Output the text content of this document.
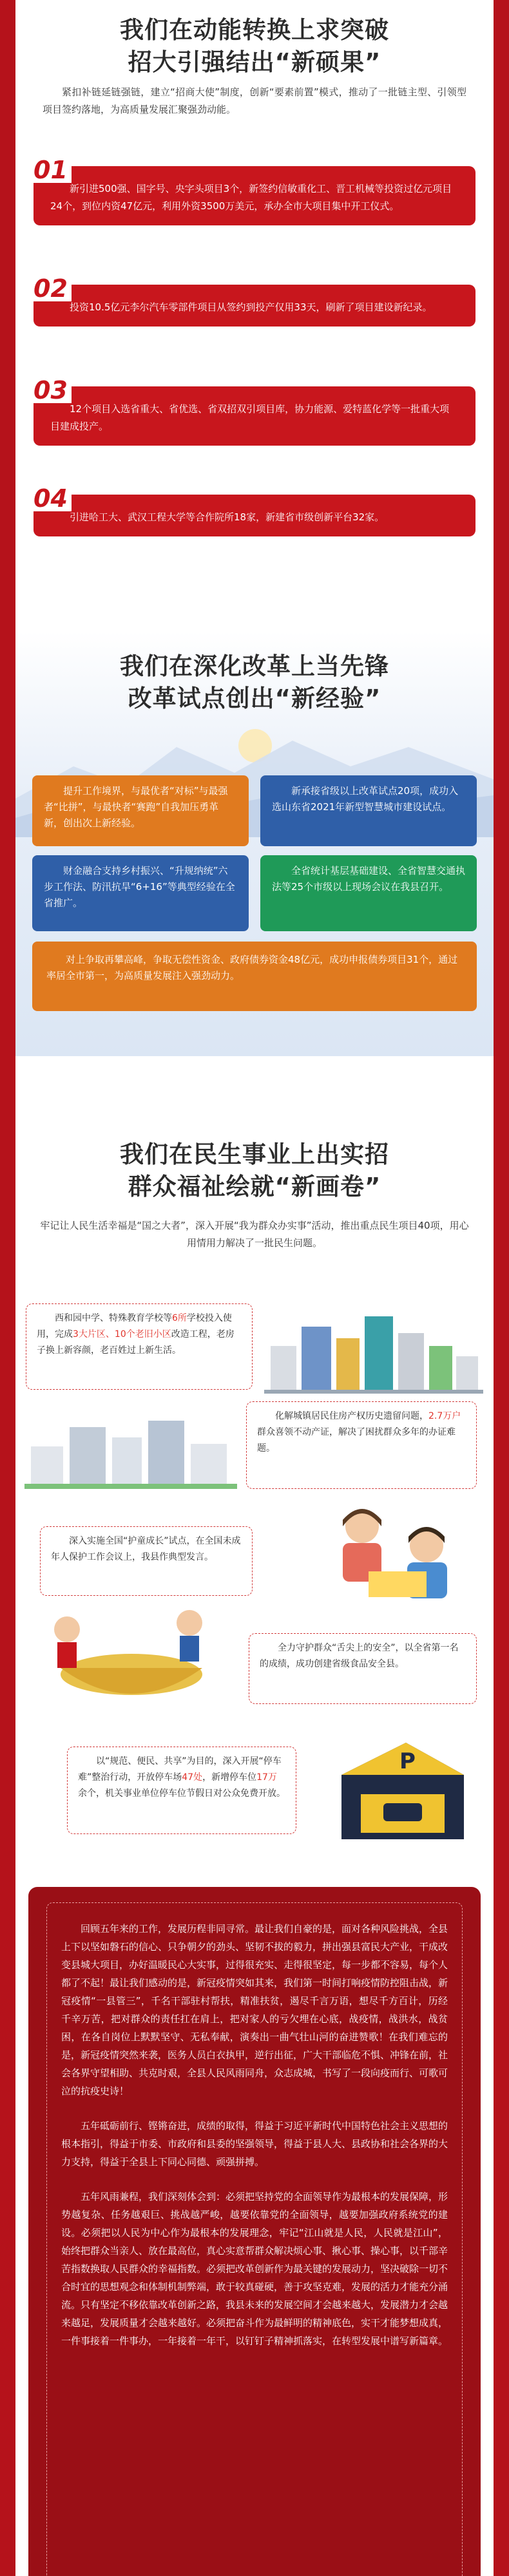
我们在动能转换上求突破
招大引强结出“新硕果”

紧扣补链延链强链，建立“招商大使”制度，创新“要素前置”模式，推动了一批链主型、引领型项目签约落地，为高质量发展汇聚强劲动能。

01
新引进500强、国字号、央字头项目3个，新签约信敏重化工、晋工机械等投资过亿元项目24个，到位内资47亿元，利用外资3500万美元，承办全市大项目集中开工仪式。
02
投资10.5亿元李尔汽车零部件项目从签约到投产仅用33天，刷新了项目建设新纪录。
03
12个项目入选省重大、省优选、省双招双引项目库，协力能源、爱特蓝化学等一批重大项目建成投产。
04
引进哈工大、武汉工程大学等合作院所18家，新建省市级创新平台32家。
我们在深化改革上当先锋
改革试点创出“新经验”
提升工作境界，与最优者“对标”与最强者“比拼”，与最快者“赛跑”自我加压勇革新，创出次上新经验。
新承接省级以上改革试点20项，成功入选山东省2021年新型智慧城市建设试点。
财金融合支持乡村振兴、“升规纳统”六步工作法、防汛抗旱“6+16”等典型经验在全省推广。
全省统计基层基础建设、全省智慧交通执法等25个市级以上现场会议在我县召开。
对上争取再攀高峰，争取无偿性资金、政府债券资金48亿元，成功申报债券项目31个，通过率居全市第一，为高质量发展注入强劲动力。
我们在民生事业上出实招
群众福祉绘就“新画卷”

牢记让人民生活幸福是“国之大者”，深入开展“我为群众办实事”活动，推出重点民生项目40项，用心用情用力解决了一批民生问题。

西和园中学、特殊教育学校等6所学校投入使用，完成3大片区、10个老旧小区改造工程，老房子换上新容颜，老百姓过上新生活。
化解城镇居民住房产权历史遗留问题，2.7万户群众喜领不动产证，解决了困扰群众多年的办证难题。
深入实施全国“护童成长”试点，在全国未成年人保护工作会议上，我县作典型发言。
全力守护群众“舌尖上的安全”，以全省第一名的成绩，成功创建省级食品安全县。
以“规范、便民、共享”为目的，深入开展“停车难”整治行动，开放停车场47处，新增停车位17万余个，机关事业单位停车位节假日对公众免费开放。
P

回顾五年来的工作，发展历程非同寻常。最让我们自豪的是，面对各种风险挑战，全县上下以坚如磐石的信心、只争朝夕的劲头、坚韧不拔的毅力，拼出强县富民大产业，干成改变县城大项目，办好温暖民心大实事，过得很充实、走得很坚定，每一步都不容易，每个人都了不起！最让我们感动的是，新冠疫情突如其来，我们第一时间打响疫情防控阻击战，新冠疫情“一县管三”，千名干部驻村帮扶，精准扶贫，遏尽千言万语，想尽千方百计，历经千辛万苦，把对群众的责任扛在肩上，把对家人的亏欠埋在心底，战疫情，战洪水，战贫困，在各自岗位上默默坚守、无私奉献，演奏出一曲气壮山河的奋进赞歌！在我们难忘的是，新冠疫情突然来袭，医务人员白衣执甲，逆行出征，广大干部临危不惧、冲锋在前，社会各界守望相助、共克时艰，全县人民风雨同舟，众志成城，书写了一段向疫而行、可歌可泣的抗疫史诗！

五年砥砺前行、铿锵奋进，成绩的取得，得益于习近平新时代中国特色社会主义思想的根本指引，得益于市委、市政府和县委的坚强领导，得益于县人大、县政协和社会各界的大力支持，得益于全县上下同心同德、顽强拼搏。

五年风雨兼程，我们深刻体会到：必须把坚持党的全面领导作为最根本的发展保障，形势越复杂、任务越艰巨、挑战越严峻，越要依靠党的全面领导，越要加强政府系统党的建设。必须把以人民为中心作为最根本的发展理念，牢记“江山就是人民，人民就是江山”，始终把群众当亲人、放在最高位，真心实意帮群众解决烦心事、揪心事、操心事，以千部辛苦指数换取人民群众的幸福指数。必须把改革创新作为最关键的发展动力，坚决破除一切不合时宜的思想观念和体制机制弊端，敢于较真碰硬，善于攻坚克难，发展的活力才能充分涌流。只有坚定不移依靠改革创新之路，我县未来的发展空间才会越来越大，发展潜力才会越来越足，发展质量才会越来越好。必须把奋斗作为最鲜明的精神底色，实干才能梦想成真，一件事接着一件事办，一年接着一年干，以钉钉子精神抓落实，在转型发展中谱写新篇章。
